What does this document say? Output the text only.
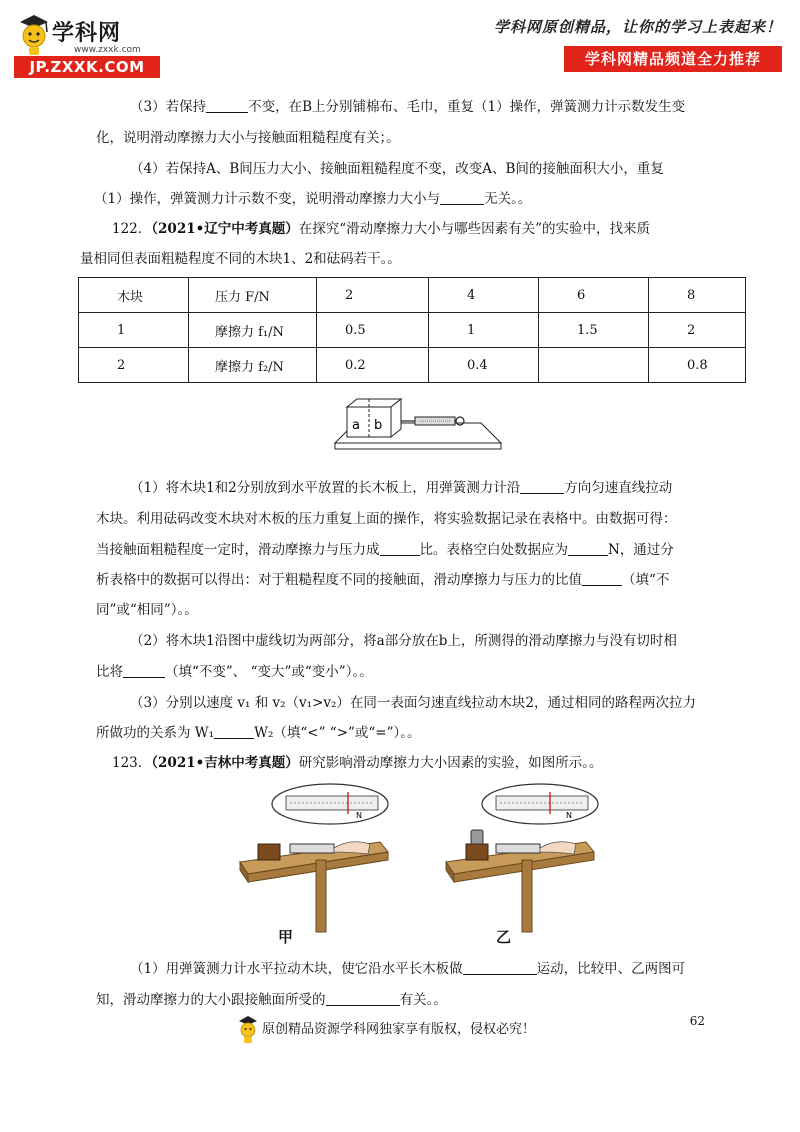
学科网
www.zxxk.com
JP.ZXXK.COM
学科网原创精品，让你的学习上表起来！
学科网精品频道全力推荐
（3）若保持	不变，在B上分别铺棉布、毛巾，重复（1）操作，弹簧测力计示数发生变
化，说明滑动摩擦力大小与接触面粗糙程度有关；。
（4）若保持A、B间压力大小、接触面粗糙程度不变，改变A、B间的接触面积大小，重复
（1）操作，弹簧测力计示数不变，说明滑动摩擦力大小与	无关。。
122．（2021•辽宁中考真题）在探究“滑动摩擦力大小与哪些因素有关”的实验中，找来质
量相同但表面粗糙程度不同的木块1、2和砝码若干。。
木块	压力 F/N	2	4	6	8
1	摩擦力 f₁/N	0.5	1	1.5	2
2	摩擦力 f₂/N	0.2	0.4		0.8
a b
（1）将木块1和2分别放到水平放置的长木板上，用弹簧测力计沿	方向匀速直线拉动
木块。利用砝码改变木块对木板的压力重复上面的操作，将实验数据记录在表格中。由数据可得：
当接触面粗糙程度一定时，滑动摩擦力与压力成	比。表格空白处数据应为	N，通过分
析表格中的数据可以得出：对于粗糙程度不同的接触面，滑动摩擦力与压力的比值	（填“不
同”或“相同”）。。
（2）将木块1沿图中虚线切为两部分，将a部分放在b上，所测得的滑动摩擦力与没有切时相
比将	（填“不变”、 “变大”或“变小”）。。
（3）分别以速度 v₁ 和 v₂（v₁>v₂）在同一表面匀速直线拉动木块2，通过相同的路程两次拉力
所做功的关系为 W₁	W₂（填“<” “>”或“=”）。。
123．（2021•吉林中考真题）研究影响滑动摩擦力大小因素的实验，如图所示。。
N	N
甲	乙
（1）用弹簧测力计水平拉动木块，使它沿水平长木板做	运动，比较甲、乙两图可
知，滑动摩擦力的大小跟接触面所受的	有关。。
62
原创精品资源学科网独家享有版权，侵权必究！
